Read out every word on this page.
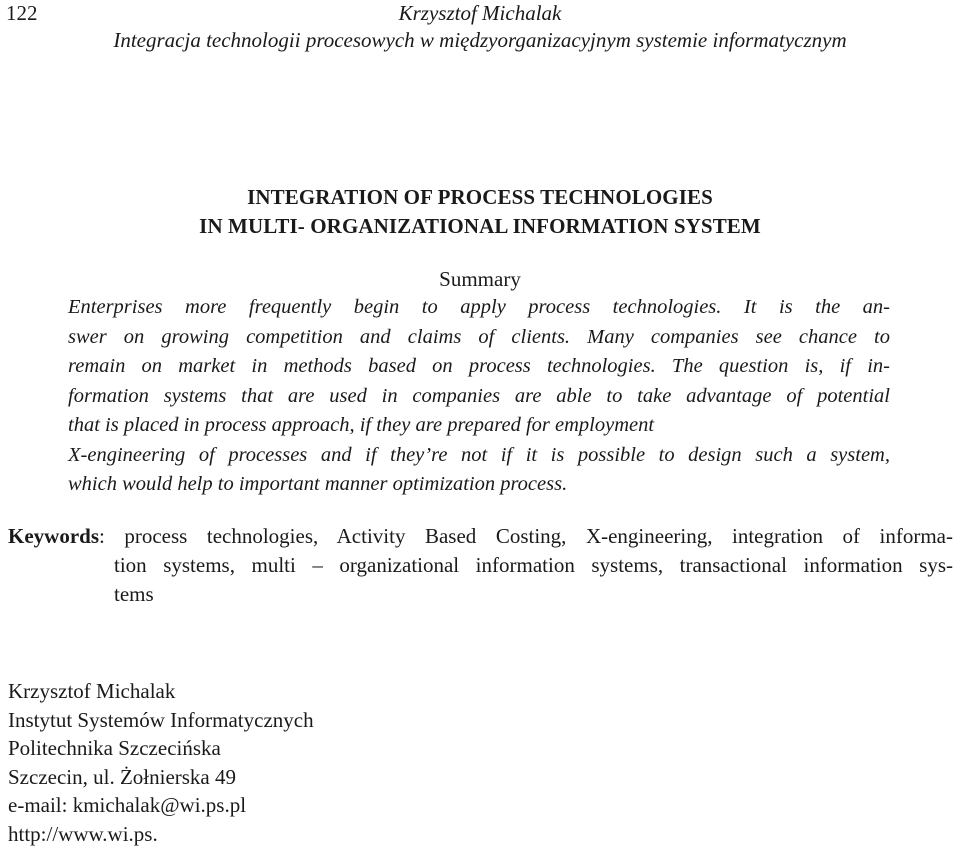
Krzysztof Michalak
Integracja technologii procesowych w międzyorganizacyjnym systemie informatycznym
122
INTEGRATION OF PROCESS TECHNOLOGIES
IN MULTI- ORGANIZATIONAL INFORMATION SYSTEM
Summary
Enterprises more frequently begin to apply process technologies. It is the an-
swer on growing competition and claims of clients. Many companies see chance to
remain on market in methods based on process technologies. The question is, if in-
formation systems that are used in companies are able to take advantage of potential
that is placed in process approach, if they are prepared for employment
X-engineering of processes and if they’re not if it is possible to design such a system,
which would help to important manner optimization process.
Keywords: process technologies, Activity Based Costing, X-engineering, integration of informa-
tion systems, multi – organizational information systems, transactional information sys-
tems
Krzysztof Michalak
Instytut Systemów Informatycznych
Politechnika Szczecińska
Szczecin, ul. Żołnierska 49
e-mail: kmichalak@wi.ps.pl
http://www.wi.ps.
